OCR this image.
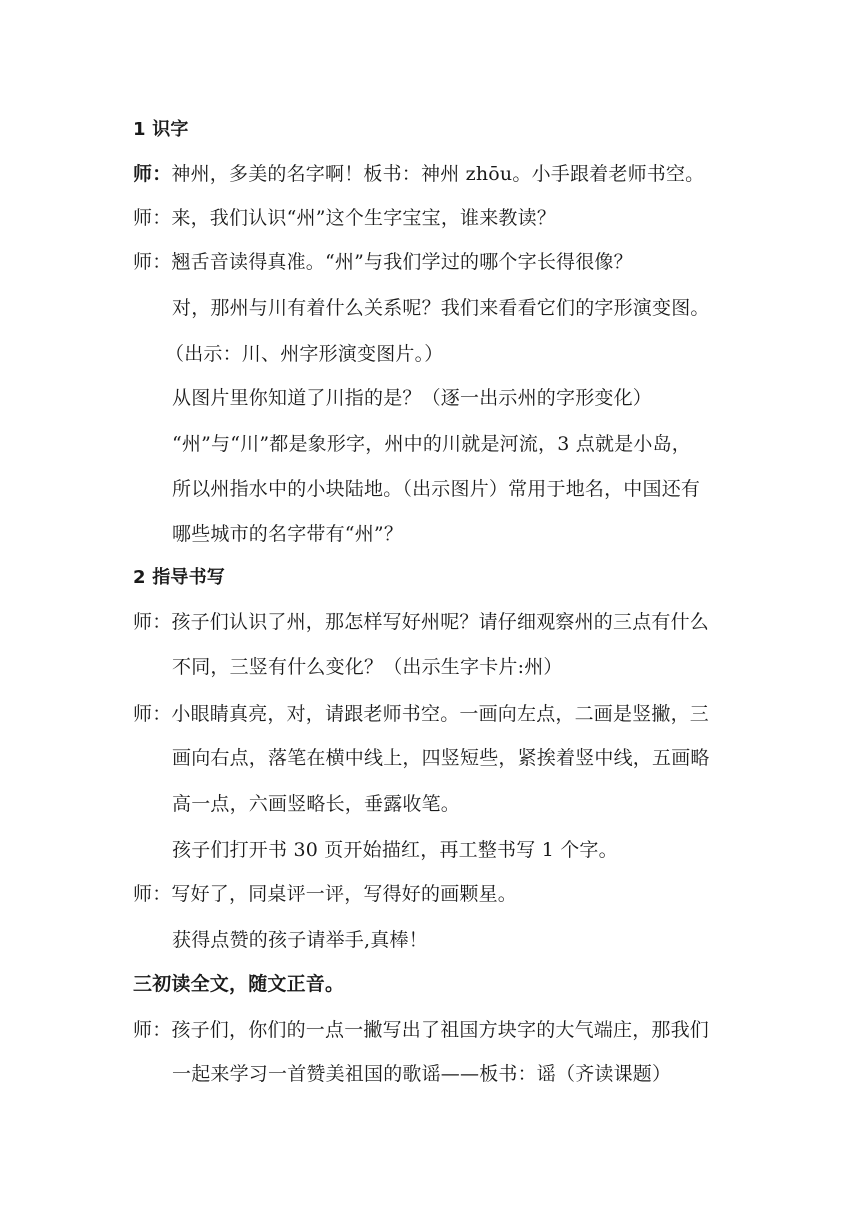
1 识字
师：神州，多美的名字啊！板书：神州 zhōu。小手跟着老师书空。
师：来，我们认识“州”这个生字宝宝，谁来教读？
师：翘舌音读得真准。“州”与我们学过的哪个字长得很像？
对，那州与川有着什么关系呢？我们来看看它们的字形演变图。
（出示：川、州字形演变图片。）
从图片里你知道了川指的是？（逐一出示州的字形变化）
“州”与“川”都是象形字，州中的川就是河流，3 点就是小岛，
所以州指水中的小块陆地。（出示图片）常用于地名，中国还有
哪些城市的名字带有“州”？
2 指导书写
师：孩子们认识了州，那怎样写好州呢？请仔细观察州的三点有什么
不同，三竖有什么变化？（出示生字卡片:州）
师：小眼睛真亮，对，请跟老师书空。一画向左点，二画是竖撇，三
画向右点，落笔在横中线上，四竖短些，紧挨着竖中线，五画略
高一点，六画竖略长，垂露收笔。
孩子们打开书 30 页开始描红，再工整书写 1 个字。
师：写好了，同桌评一评，写得好的画颗星。
获得点赞的孩子请举手,真棒！
三初读全文，随文正音。
师：孩子们，你们的一点一撇写出了祖国方块字的大气端庄，那我们
一起来学习一首赞美祖国的歌谣——板书：谣（齐读课题）
